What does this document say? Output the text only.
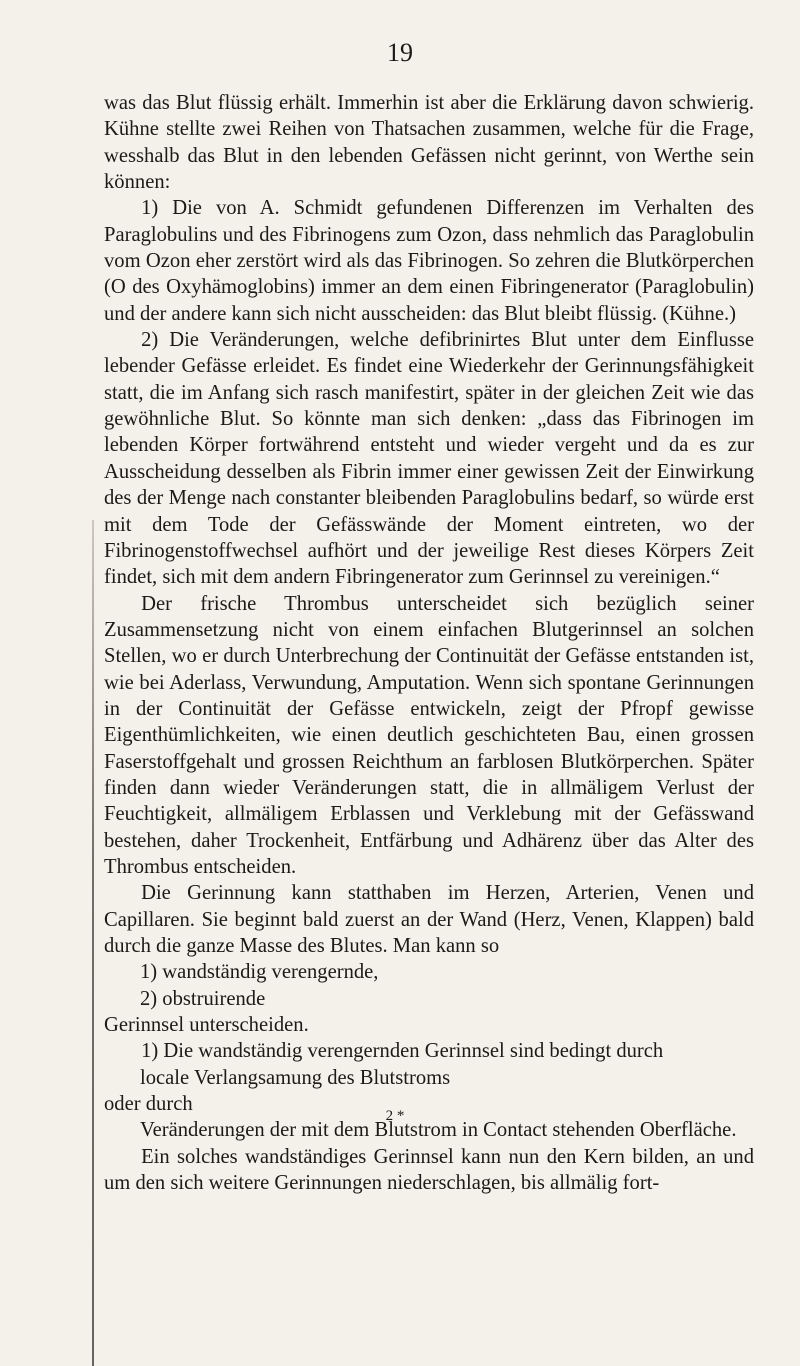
19

was das Blut flüssig erhält. Immerhin ist aber die Erklärung davon schwierig. Kühne stellte zwei Reihen von Thatsachen zusammen, welche für die Frage, wesshalb das Blut in den lebenden Gefässen nicht gerinnt, von Werthe sein können:

1) Die von A. Schmidt gefundenen Differenzen im Verhalten des Paraglobulins und des Fibrinogens zum Ozon, dass nehmlich das Paraglobulin vom Ozon eher zerstört wird als das Fibrinogen. So zehren die Blutkörperchen (O des Oxyhämoglobins) immer an dem einen Fibringenerator (Paraglobulin) und der andere kann sich nicht ausscheiden: das Blut bleibt flüssig. (Kühne.)

2) Die Veränderungen, welche defibrinirtes Blut unter dem Einflusse lebender Gefässe erleidet. Es findet eine Wiederkehr der Gerinnungsfähigkeit statt, die im Anfang sich rasch manifestirt, später in der gleichen Zeit wie das gewöhnliche Blut. So könnte man sich denken: „dass das Fibrinogen im lebenden Körper fortwährend entsteht und wieder vergeht und da es zur Ausscheidung desselben als Fibrin immer einer gewissen Zeit der Einwirkung des der Menge nach constanter bleibenden Paraglobulins bedarf, so würde erst mit dem Tode der Gefässwände der Moment eintreten, wo der Fibrinogenstoffwechsel aufhört und der jeweilige Rest dieses Körpers Zeit findet, sich mit dem andern Fibringenerator zum Gerinnsel zu vereinigen.“

Der frische Thrombus unterscheidet sich bezüglich seiner Zusammensetzung nicht von einem einfachen Blutgerinnsel an solchen Stellen, wo er durch Unterbrechung der Continuität der Gefässe entstanden ist, wie bei Aderlass, Verwundung, Amputation. Wenn sich spontane Gerinnungen in der Continuität der Gefässe entwickeln, zeigt der Pfropf gewisse Eigenthümlichkeiten, wie einen deutlich geschichteten Bau, einen grossen Faserstoffgehalt und grossen Reichthum an farblosen Blutkörperchen. Später finden dann wieder Veränderungen statt, die in allmäligem Verlust der Feuchtigkeit, allmäligem Erblassen und Verklebung mit der Gefässwand bestehen, daher Trockenheit, Entfärbung und Adhärenz über das Alter des Thrombus entscheiden.

Die Gerinnung kann statthaben im Herzen, Arterien, Venen und Capillaren. Sie beginnt bald zuerst an der Wand (Herz, Venen, Klappen) bald durch die ganze Masse des Blutes. Man kann so

1) wandständig verengernde,

2) obstruirende

Gerinnsel unterscheiden.

1) Die wandständig verengernden Gerinnsel sind bedingt durch

locale Verlangsamung des Blutstroms

oder durch

Veränderungen der mit dem Blutstrom in Contact stehenden Oberfläche.

Ein solches wandständiges Gerinnsel kann nun den Kern bilden, an und um den sich weitere Gerinnungen niederschlagen, bis allmälig fort-

2 *
